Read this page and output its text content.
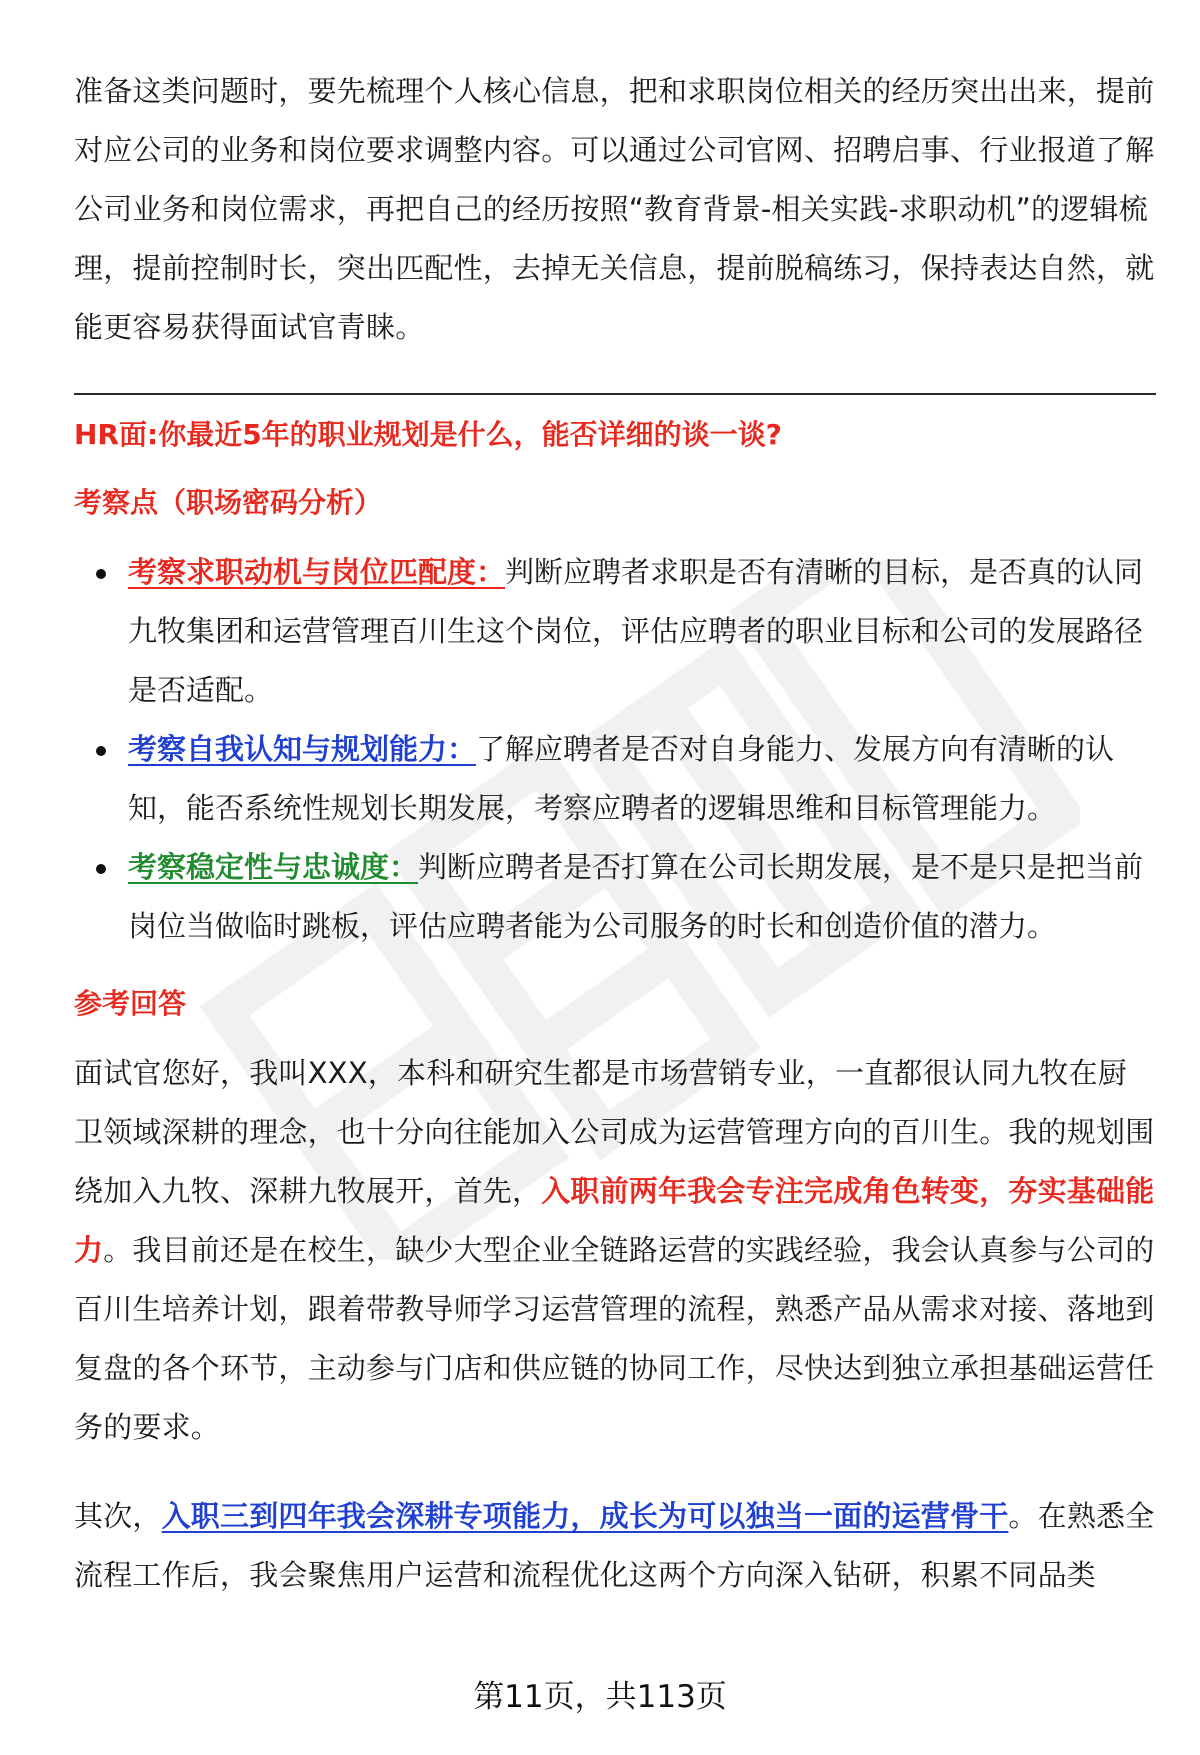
准备这类问题时，要先梳理个人核心信息，把和求职岗位相关的经历突出出来，提前对应公司的业务和岗位要求调整内容。可以通过公司官网、招聘启事、行业报道了解公司业务和岗位需求，再把自己的经历按照“教育背景-相关实践-求职动机”的逻辑梳理，提前控制时长，突出匹配性，去掉无关信息，提前脱稿练习，保持表达自然，就能更容易获得面试官青睐。

HR面:你最近5年的职业规划是什么，能否详细的谈一谈?
考察点（职场密码分析）
考察求职动机与岗位匹配度：判断应聘者求职是否有清晰的目标，是否真的认同九牧集团和运营管理百川生这个岗位，评估应聘者的职业目标和公司的发展路径是否适配。
考察自我认知与规划能力：了解应聘者是否对自身能力、发展方向有清晰的认知，能否系统性规划长期发展，考察应聘者的逻辑思维和目标管理能力。
考察稳定性与忠诚度：判断应聘者是否打算在公司长期发展，是不是只是把当前岗位当做临时跳板，评估应聘者能为公司服务的时长和创造价值的潜力。
参考回答

面试官您好，我叫XXX，本科和研究生都是市场营销专业，一直都很认同九牧在厨卫领域深耕的理念，也十分向往能加入公司成为运营管理方向的百川生。我的规划围绕加入九牧、深耕九牧展开，首先，入职前两年我会专注完成角色转变，夯实基础能力。我目前还是在校生，缺少大型企业全链路运营的实践经验，我会认真参与公司的百川生培养计划，跟着带教导师学习运营管理的流程，熟悉产品从需求对接、落地到复盘的各个环节，主动参与门店和供应链的协同工作，尽快达到独立承担基础运营任务的要求。

其次，入职三到四年我会深耕专项能力，成长为可以独当一面的运营骨干。在熟悉全流程工作后，我会聚焦用户运营和流程优化这两个方向深入钻研，积累不同品类

第11页，共113页
